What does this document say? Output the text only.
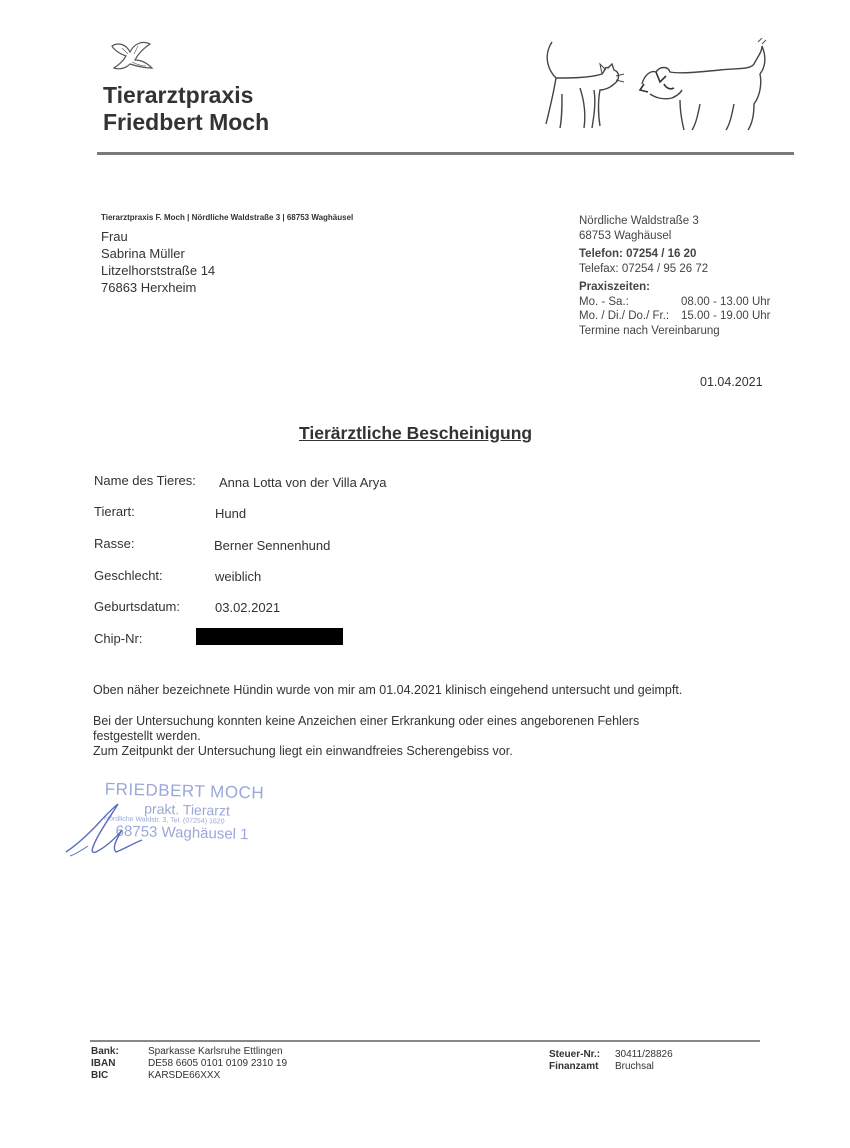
Tierarztpraxis
Friedbert Moch
Tierarztpraxis F. Moch | Nördliche Waldstraße 3 | 68753 Waghäusel
Frau
Sabrina Müller
Litzelhorststraße 14
76863 Herxheim
Nördliche Waldstraße 3
68753 Waghäusel
Telefon: 07254 / 16 20
Telefax: 07254 / 95 26 72
Praxiszeiten:
Mo. - Sa.:	08.00 - 13.00 Uhr
Mo. / Di./ Do./ Fr.:	15.00 - 19.00 Uhr
Termine nach Vereinbarung
01.04.2021
Tierärztliche Bescheinigung
Name des Tieres: Anna Lotta von der Villa Arya
Tierart:	Hund
Rasse:	Berner Sennenhund
Geschlecht:	weiblich
Geburtsdatum:	03.02.2021
Chip-Nr:
Oben näher bezeichnete Hündin wurde von mir am 01.04.2021 klinisch eingehend untersucht und geimpft.
Bei der Untersuchung konnten keine Anzeichen einer Erkrankung oder eines angeborenen Fehlers
festgestellt werden.
Zum Zeitpunkt der Untersuchung liegt ein einwandfreies Scherengebiss vor.
FRIEDBERT MOCH
prakt. Tierarzt
Nördliche Waldstr. 3, Tel. (07254) 1620
68753 Waghäusel 1
Bank:	Sparkasse Karlsruhe Ettlingen
IBAN	DE58 6605 0101 0109 2310 19
BIC	KARSDE66XXX
Steuer-Nr.:	30411/28826
Finanzamt	Bruchsal
